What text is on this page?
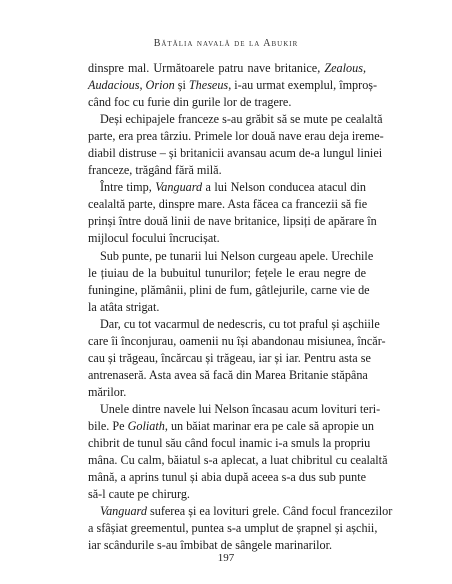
Bătălia navală de la Abukir
dinspre mal. Următoarele patru nave britanice, Zealous,
Audacious, Orion și Theseus, i-au urmat exemplul, împroș-
când foc cu furie din gurile lor de tragere.
Deși echipajele franceze s-au grăbit să se mute pe cealaltă
parte, era prea târziu. Primele lor două nave erau deja ireme-
diabil distruse – și britanicii avansau acum de-a lungul liniei
franceze, trăgând fără milă.
Între timp, Vanguard a lui Nelson conducea atacul din
cealaltă parte, dinspre mare. Asta făcea ca francezii să fie
prinși între două linii de nave britanice, lipsiți de apărare în
mijlocul focului încrucișat.
Sub punte, pe tunarii lui Nelson curgeau apele. Urechile
le țiuiau de la bubuitul tunurilor; fețele le erau negre de
funingine, plămânii, plini de fum, gâtlejurile, carne vie de
la atâta strigat.
Dar, cu tot vacarmul de nedescris, cu tot praful și așchiile
care îi înconjurau, oamenii nu își abandonau misiunea, încăr-
cau și trăgeau, încărcau și trăgeau, iar și iar. Pentru asta se
antrenaseră. Asta avea să facă din Marea Britanie stăpâna
mărilor.
Unele dintre navele lui Nelson încasau acum lovituri teri-
bile. Pe Goliath, un băiat marinar era pe cale să apropie un
chibrit de tunul său când focul inamic i-a smuls la propriu
mâna. Cu calm, băiatul s-a aplecat, a luat chibritul cu cealaltă
mână, a aprins tunul și abia după aceea s-a dus sub punte
să-l caute pe chirurg.
Vanguard suferea și ea lovituri grele. Când focul francezilor
a sfâșiat greementul, puntea s-a umplut de șrapnel și așchii,
iar scândurile s-au îmbibat de sângele marinarilor.
197
